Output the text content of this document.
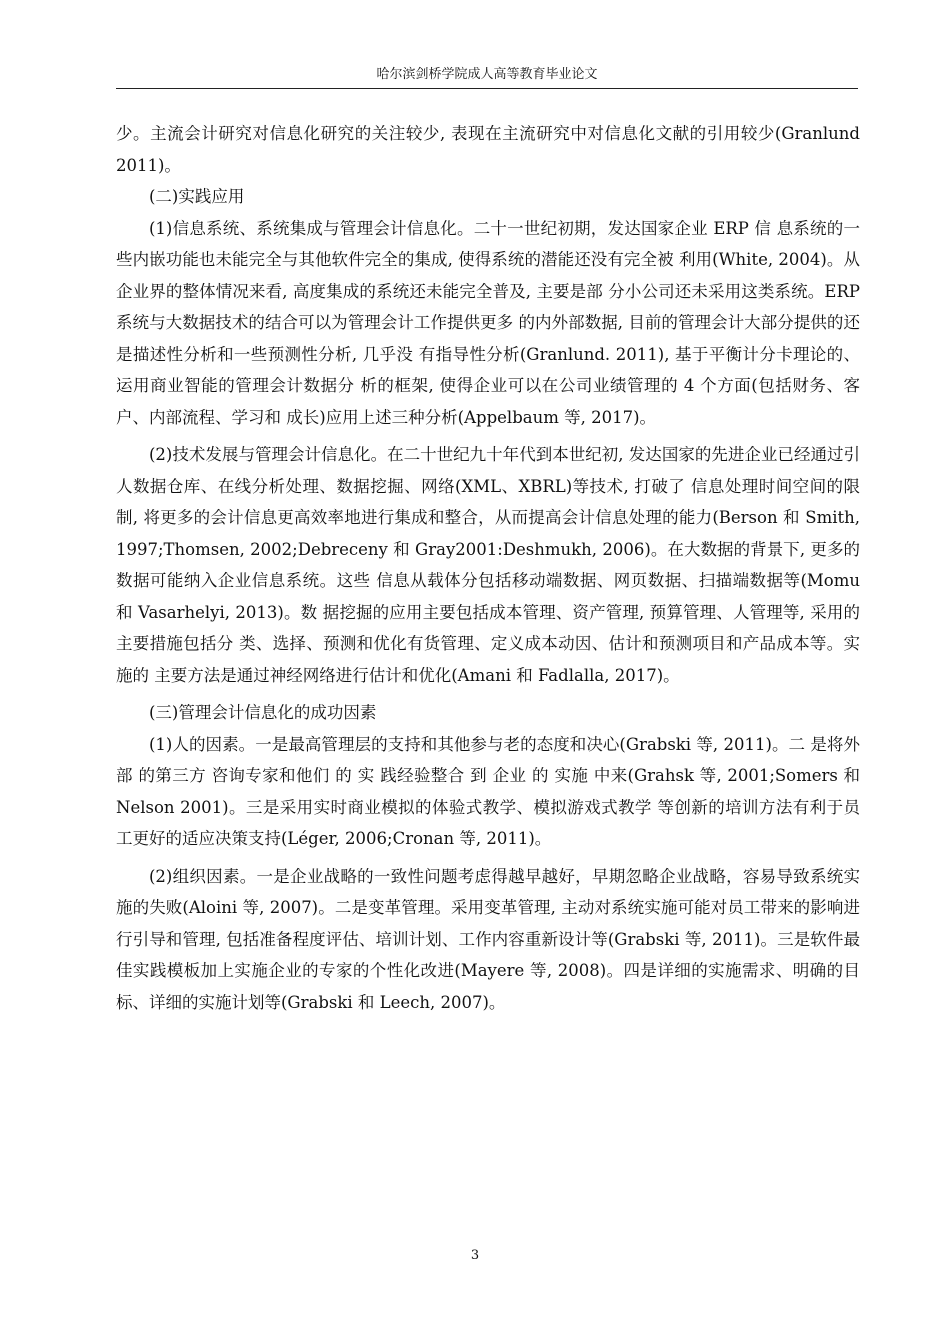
哈尔滨剑桥学院成人高等教育毕业论文

少。主流会计研究对信息化研究的关注较少, 表现在主流研究中对信息化文献的引用较少(Granlund 2011)。

(二)实践应用

(1)信息系统、系统集成与管理会计信息化。二十一世纪初期，发达国家企业 ERP 信 息系统的一些内嵌功能也未能完全与其他软件完全的集成, 使得系统的潜能还没有完全被 利用(White, 2004)。从企业界的整体情况来看, 高度集成的系统还未能完全普及, 主要是部 分小公司还未采用这类系统。ERP 系统与大数据技术的结合可以为管理会计工作提供更多 的内外部数据, 目前的管理会计大部分提供的还是描述性分析和一些预测性分析, 几乎没 有指导性分析(Granlund. 2011), 基于平衡计分卡理论的、运用商业智能的管理会计数据分 析的框架, 使得企业可以在公司业绩管理的 4 个方面(包括财务、客户、内部流程、学习和 成长)应用上述三种分析(Appelbaum 等, 2017)。

(2)技术发展与管理会计信息化。在二十世纪九十年代到本世纪初, 发达国家的先进企业已经通过引人数据仓库、在线分析处理、数据挖掘、网络(XML、XBRL)等技术, 打破了 信息处理时间空间的限制, 将更多的会计信息更高效率地进行集成和整合，从而提高会计信息处理的能力(Berson 和 Smith, 1997;Thomsen, 2002;Debreceny 和 Gray2001:Deshmukh, 2006)。在大数据的背景下, 更多的数据可能纳入企业信息系统。这些 信息从载体分包括移动端数据、网页数据、扫描端数据等(Momu 和 Vasarhelyi, 2013)。数 据挖掘的应用主要包括成本管理、资产管理, 预算管理、人管理等, 采用的主要措施包括分 类、选择、预测和优化有货管理、定义成本动因、估计和预测项目和产品成本等。实施的 主要方法是通过神经网络进行估计和优化(Amani 和 Fadlalla, 2017)。

(三)管理会计信息化的成功因素

(1)人的因素。一是最高管理层的支持和其他参与老的态度和决心(Grabski 等, 2011)。二 是将外 部 的第三方 咨询专家和他们 的 实 践经验整合 到 企业 的 实施 中来(Grahsk 等, 2001;Somers 和 Nelson 2001)。三是采用实时商业模拟的体验式教学、模拟游戏式教学 等创新的培训方法有利于员工更好的适应决策支持(Léger, 2006;Cronan 等, 2011)。

(2)组织因素。一是企业战略的一致性问题考虑得越早越好，早期忽略企业战略，容易导致系统实施的失败(Aloini 等, 2007)。二是变革管理。采用变革管理, 主动对系统实施可能对员工带来的影响进行引导和管理, 包括准备程度评估、培训计划、工作内容重新设计等(Grabski 等, 2011)。三是软件最佳实践模板加上实施企业的专家的个性化改进(Mayere 等, 2008)。四是详细的实施需求、明确的目标、详细的实施计划等(Grabski 和 Leech, 2007)。

3
